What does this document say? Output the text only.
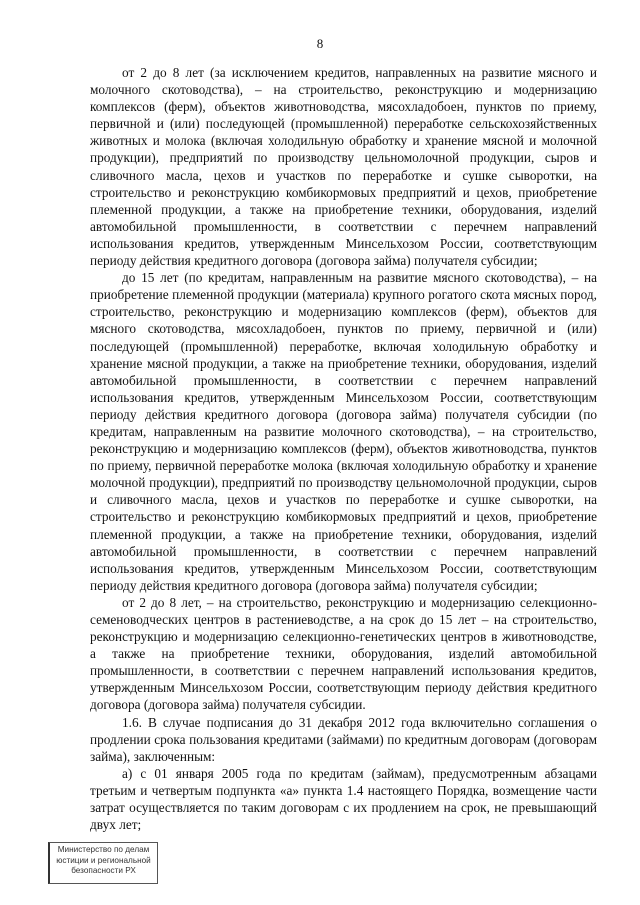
8

от 2 до 8 лет (за исключением кредитов, направленных на развитие мясного и молочного скотоводства), – на строительство, реконструкцию и модернизацию комплексов (ферм), объектов животноводства, мясохладобоен, пунктов по приему, первичной и (или) последующей (промышленной) переработке сельскохозяйственных животных и молока (включая холодильную обработку и хранение мясной и молочной продукции), предприятий по производству цельномолочной продукции, сыров и сливочного масла, цехов и участков по переработке и сушке сыворотки, на строительство и реконструкцию комбикормовых предприятий и цехов, приобретение племенной продукции, а также на приобретение техники, оборудования, изделий автомобильной промышленности, в соответствии с перечнем направлений использования кредитов, утвержденным Минсельхозом России, соответствующим периоду действия кредитного договора (договора займа) получателя субсидии;

до 15 лет (по кредитам, направленным на развитие мясного скотоводства), – на приобретение племенной продукции (материала) крупного рогатого скота мясных пород, строительство, реконструкцию и модернизацию комплексов (ферм), объектов для мясного скотоводства, мясохладобоен, пунктов по приему, первичной и (или) последующей (промышленной) переработке, включая холодильную обработку и хранение мясной продукции, а также на приобретение техники, оборудования, изделий автомобильной промышленности, в соответствии с перечнем направлений использования кредитов, утвержденным Минсельхозом России, соответствующим периоду действия кредитного договора (договора займа) получателя субсидии (по кредитам, направленным на развитие молочного скотоводства), – на строительство, реконструкцию и модернизацию комплексов (ферм), объектов животноводства, пунктов по приему, первичной переработке молока (включая холодильную обработку и хранение молочной продукции), предприятий по производству цельномолочной продукции, сыров и сливочного масла, цехов и участков по переработке и сушке сыворотки, на строительство и реконструкцию комбикормовых предприятий и цехов, приобретение племенной продукции, а также на приобретение техники, оборудования, изделий автомобильной промышленности, в соответствии с перечнем направлений использования кредитов, утвержденным Минсельхозом России, соответствующим периоду действия кредитного договора (договора займа) получателя субсидии;

от 2 до 8 лет, – на строительство, реконструкцию и модернизацию селекционно-семеноводческих центров в растениеводстве, а на срок до 15 лет – на строительство, реконструкцию и модернизацию селекционно-генетических центров в животноводстве, а также на приобретение техники, оборудования, изделий автомобильной промышленности, в соответствии с перечнем направлений использования кредитов, утвержденным Минсельхозом России, соответствующим периоду действия кредитного договора (договора займа) получателя субсидии.

1.6. В случае подписания до 31 декабря 2012 года включительно соглашения о продлении срока пользования кредитами (займами) по кредитным договорам (договорам займа), заключенным:

а) с 01 января 2005 года по кредитам (займам), предусмотренным абзацами третьим и четвертым подпункта «а» пункта 1.4 настоящего Порядка, возмещение части затрат осуществляется по таким договорам с их продлением на срок, не превышающий двух лет;

Министерство по делам
юстиции и региональной
безопасности РХ
